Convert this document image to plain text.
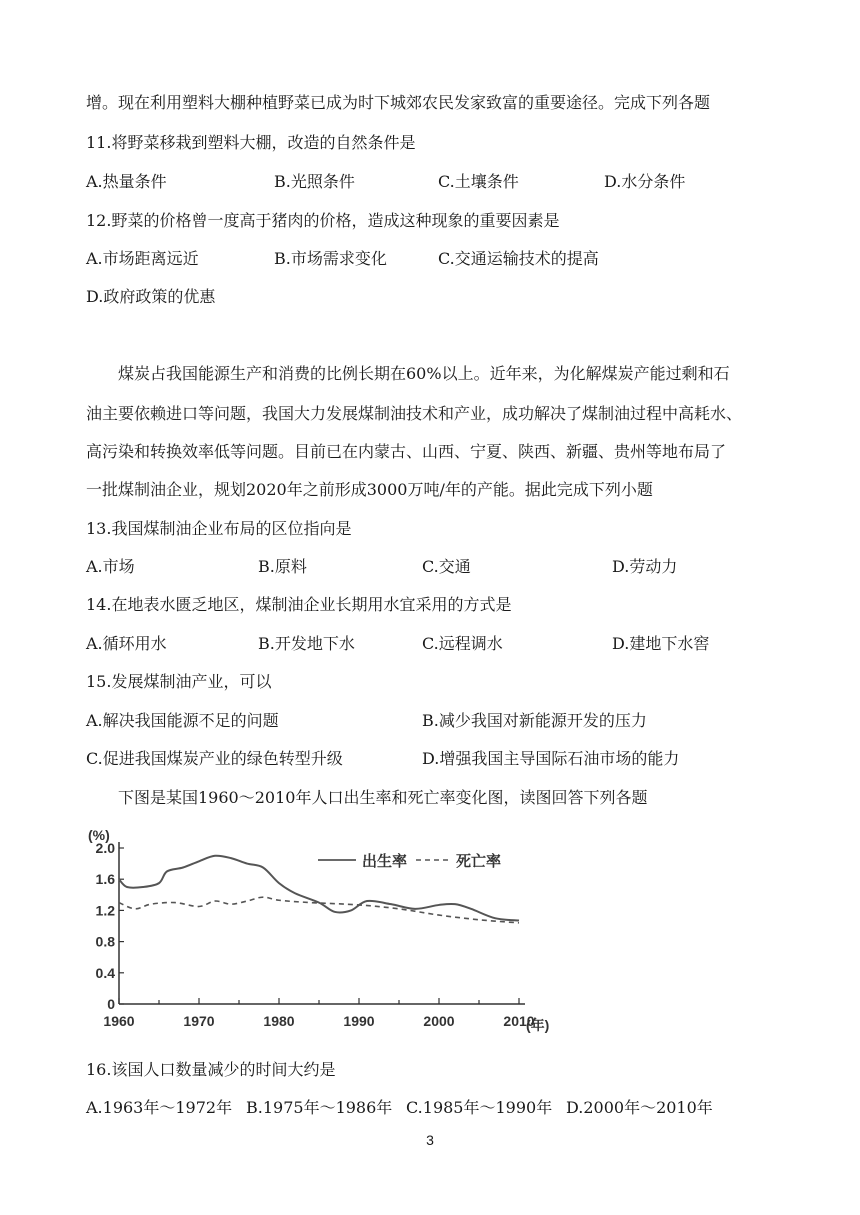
增。现在利用塑料大棚种植野菜已成为时下城郊农民发家致富的重要途径。完成下列各题
11.将野菜移栽到塑料大棚，改造的自然条件是
A.热量条件	B.光照条件	C.土壤条件	D.水分条件
12.野菜的价格曾一度高于猪肉的价格，造成这种现象的重要因素是
A.市场距离远近	B.市场需求变化	C.交通运输技术的提高
D.政府政策的优惠
煤炭占我国能源生产和消费的比例长期在60%以上。近年来，为化解煤炭产能过剩和石
油主要依赖进口等问题，我国大力发展煤制油技术和产业，成功解决了煤制油过程中高耗水、
高污染和转换效率低等问题。目前已在内蒙古、山西、宁夏、陕西、新疆、贵州等地布局了
一批煤制油企业，规划2020年之前形成3000万吨/年的产能。据此完成下列小题
13.我国煤制油企业布局的区位指向是
A.市场	B.原料	C.交通	D.劳动力
14.在地表水匮乏地区，煤制油企业长期用水宜采用的方式是
A.循环用水	B.开发地下水	C.远程调水	D.建地下水窖
15.发展煤制油产业，可以
A.解决我国能源不足的问题	B.减少我国对新能源开发的压力
C.促进我国煤炭产业的绿色转型升级	D.增强我国主导国际石油市场的能力
下图是某国1960～2010年人口出生率和死亡率变化图，读图回答下列各题
(%)
0
0.4
0.8
1.2
1.6
2.0
1960	1970	1980	1990	2000	2010
出生率	死亡率
(年)
16.该国人口数量减少的时间大约是
A.1963年～1972年 B.1975年～1986年 C.1985年～1990年 D.2000年～2010年
3
